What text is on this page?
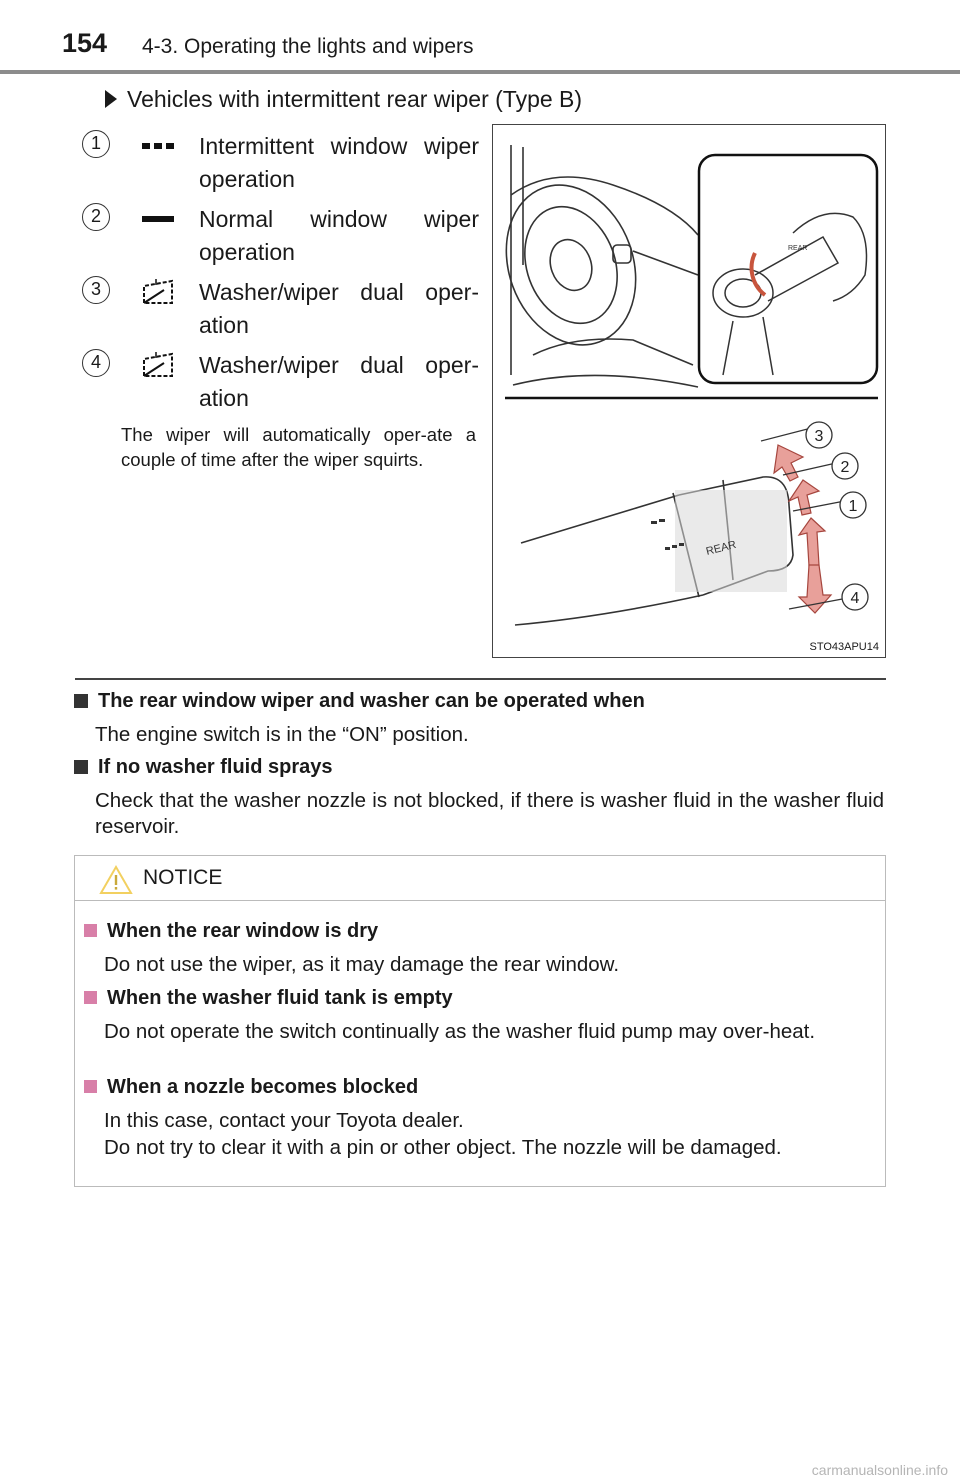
154 4-3. Operating the lights and wipers
Vehicles with intermittent rear wiper (Type B)
1	Intermittent window wiper operation
2	Normal window wiper operation
3	Washer/wiper dual oper-ation
4	Washer/wiper dual oper-ation
The wiper will automatically oper-ate a couple of time after the wiper squirts.
REAR
REAR
3
2
1
4
STO43APU14
The rear window wiper and washer can be operated when

The engine switch is in the “ON” position.

If no washer fluid sprays

Check that the washer nozzle is not blocked, if there is washer fluid in the washer fluid reservoir.

NOTICE
When the rear window is dry

Do not use the wiper, as it may damage the rear window.

When the washer fluid tank is empty

Do not operate the switch continually as the washer fluid pump may over-heat.

When a nozzle becomes blocked

In this case, contact your Toyota dealer.

Do not try to clear it with a pin or other object. The nozzle will be damaged.

carmanualsonline.info
